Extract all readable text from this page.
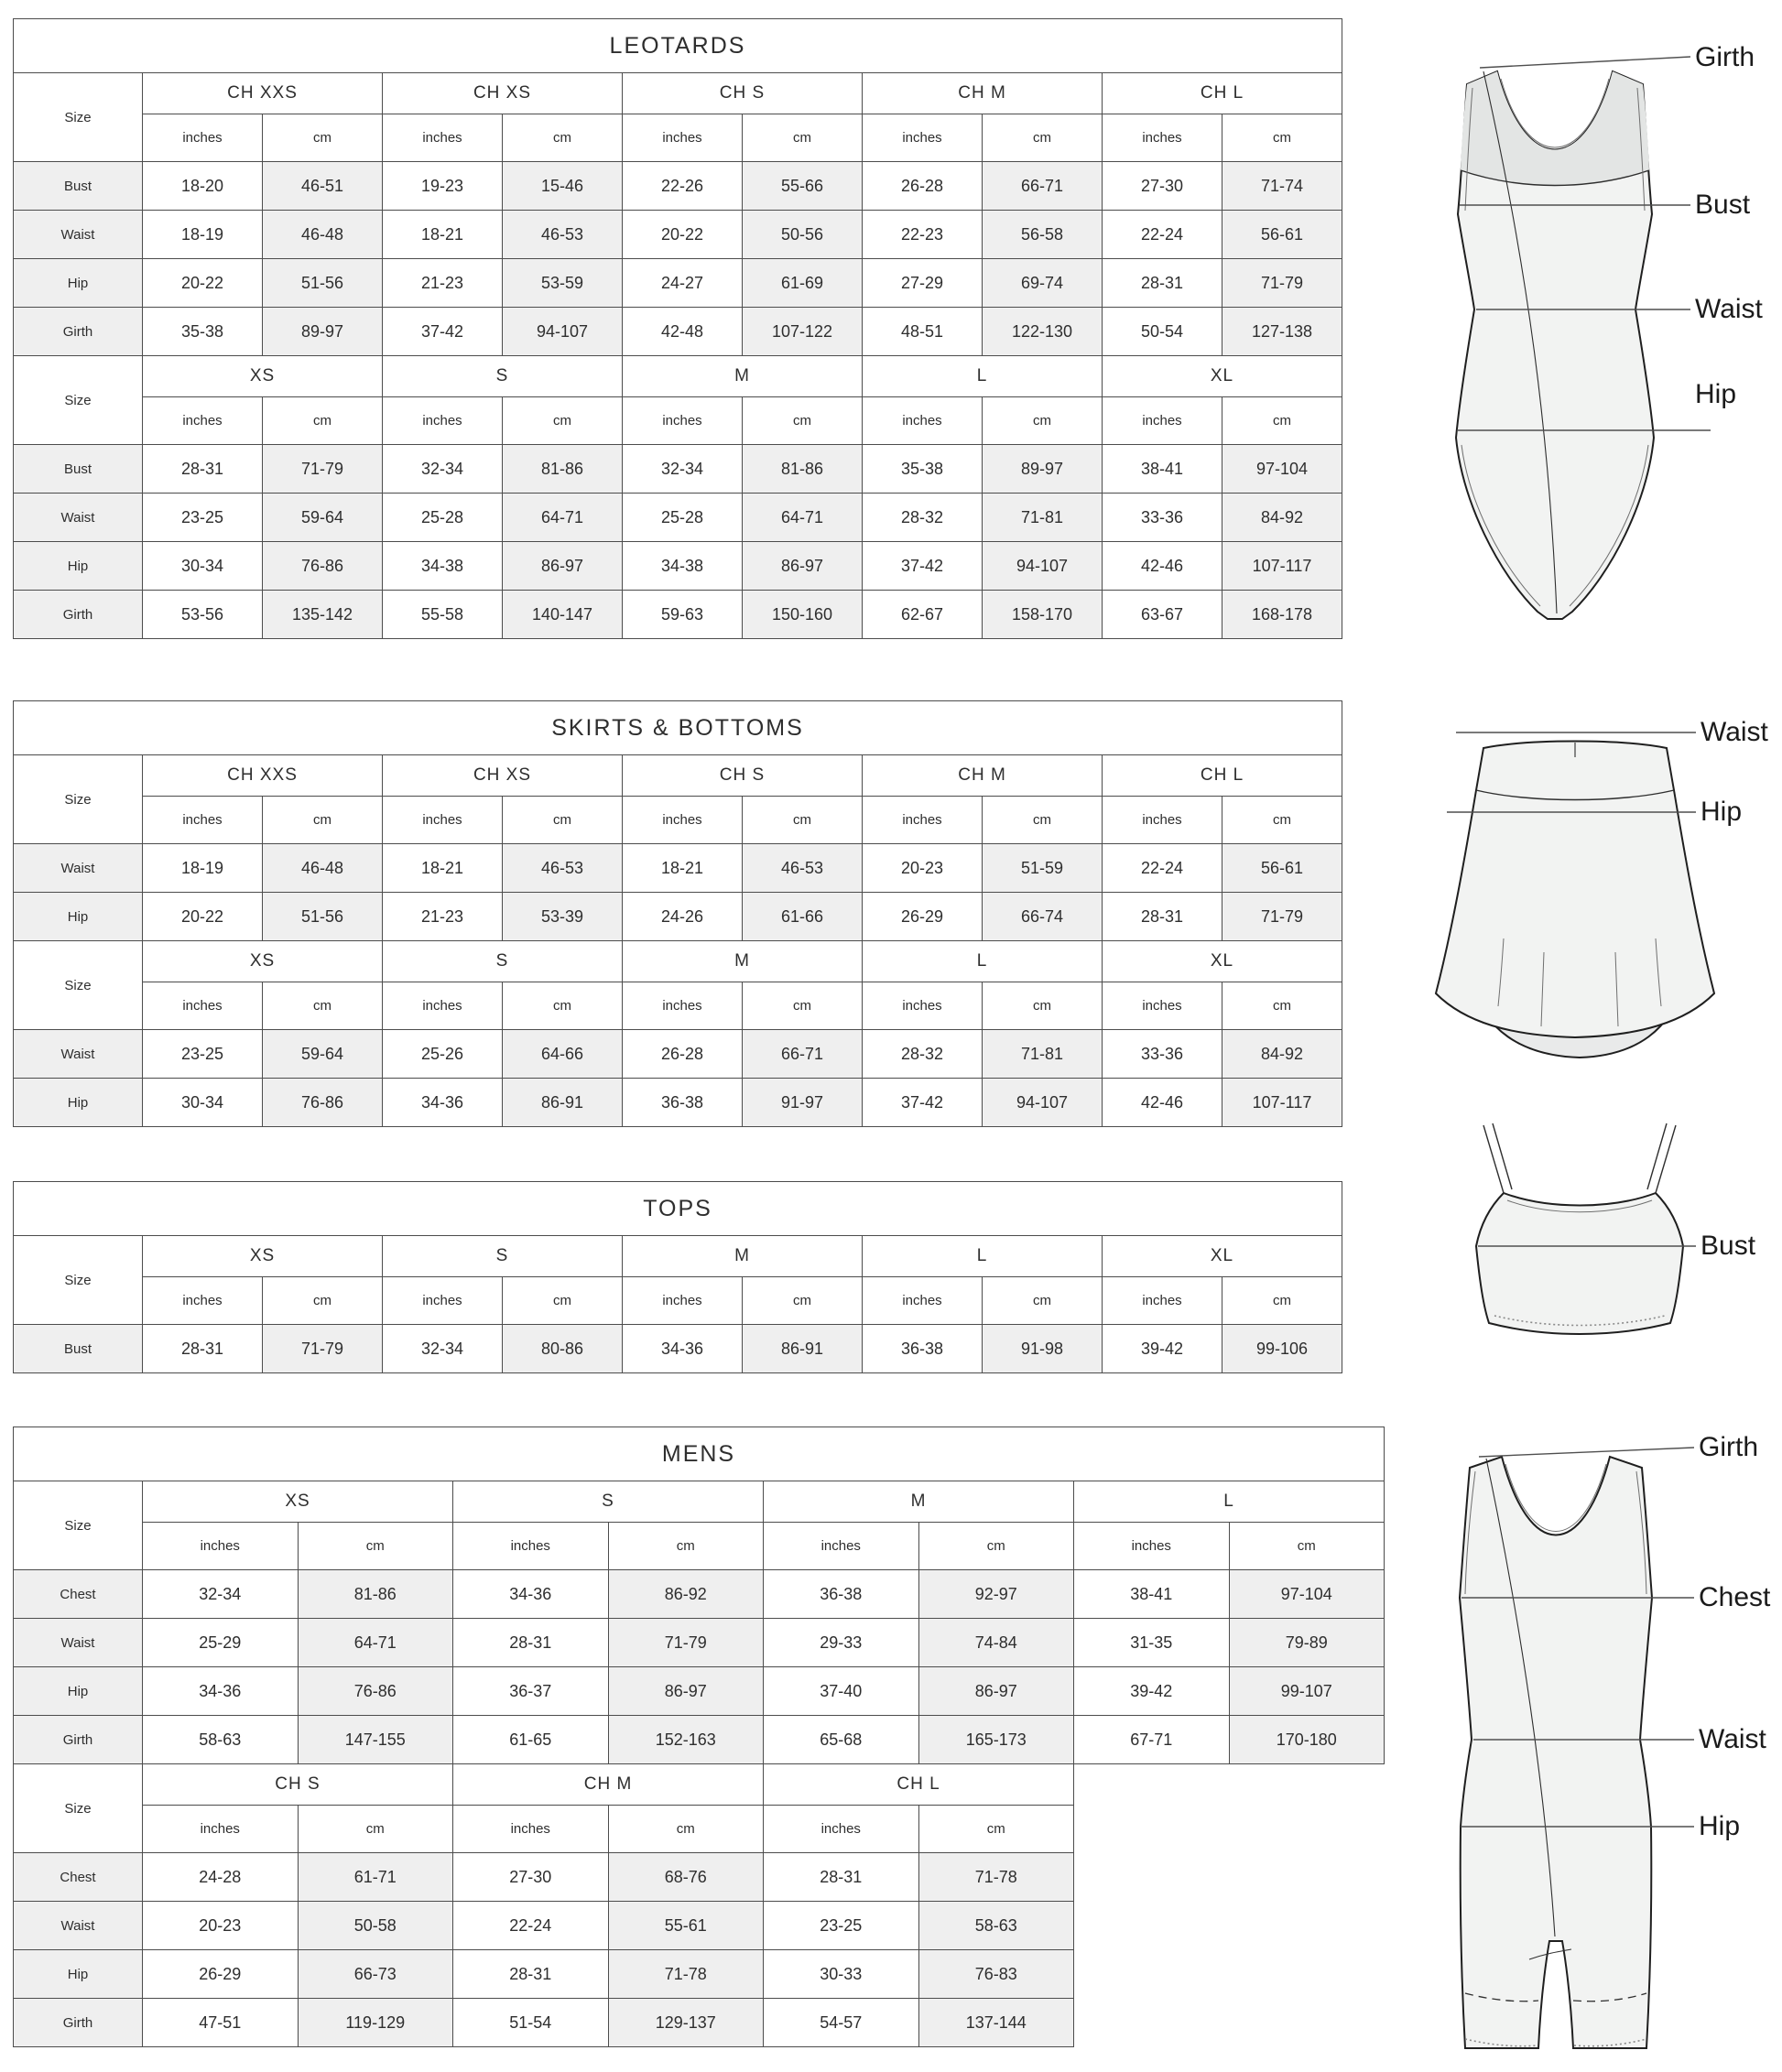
LEOTARDS										
Size	CH XXS		CH XS		CH S		CH M		CH L	
	inches	cm	inches	cm	inches	cm	inches	cm	inches	cm
Bust	18-20	46-51	19-23	15-46	22-26	55-66	26-28	66-71	27-30	71-74
Waist	18-19	46-48	18-21	46-53	20-22	50-56	22-23	56-58	22-24	56-61
Hip	20-22	51-56	21-23	53-59	24-27	61-69	27-29	69-74	28-31	71-79
Girth	35-38	89-97	37-42	94-107	42-48	107-122	48-51	122-130	50-54	127-138
Size	XS		S		M		L		XL	
	inches	cm	inches	cm	inches	cm	inches	cm	inches	cm
Bust	28-31	71-79	32-34	81-86	32-34	81-86	35-38	89-97	38-41	97-104
Waist	23-25	59-64	25-28	64-71	25-28	64-71	28-32	71-81	33-36	84-92
Hip	30-34	76-86	34-38	86-97	34-38	86-97	37-42	94-107	42-46	107-117
Girth	53-56	135-142	55-58	140-147	59-63	150-160	62-67	158-170	63-67	168-178
SKIRTS & BOTTOMS										
Size	CH XXS		CH XS		CH S		CH M		CH L	
	inches	cm	inches	cm	inches	cm	inches	cm	inches	cm
Waist	18-19	46-48	18-21	46-53	18-21	46-53	20-23	51-59	22-24	56-61
Hip	20-22	51-56	21-23	53-39	24-26	61-66	26-29	66-74	28-31	71-79
Size	XS		S		M		L		XL	
	inches	cm	inches	cm	inches	cm	inches	cm	inches	cm
Waist	23-25	59-64	25-26	64-66	26-28	66-71	28-32	71-81	33-36	84-92
Hip	30-34	76-86	34-36	86-91	36-38	91-97	37-42	94-107	42-46	107-117
TOPS										
Size	XS		S		M		L		XL	
	inches	cm	inches	cm	inches	cm	inches	cm	inches	cm
Bust	28-31	71-79	32-34	80-86	34-36	86-91	36-38	91-98	39-42	99-106
MENS								
Size	XS		S		M		L	
	inches	cm	inches	cm	inches	cm	inches	cm
Chest	32-34	81-86	34-36	86-92	36-38	92-97	38-41	97-104
Waist	25-29	64-71	28-31	71-79	29-33	74-84	31-35	79-89
Hip	34-36	76-86	36-37	86-97	37-40	86-97	39-42	99-107
Girth	58-63	147-155	61-65	152-163	65-68	165-173	67-71	170-180
Size	CH S		CH M		CH L	
	inches	cm	inches	cm	inches	cm
Chest	24-28	61-71	27-30	68-76	28-31	71-78
Waist	20-23	50-58	22-24	55-61	23-25	58-63
Hip	26-29	66-73	28-31	71-78	30-33	76-83
Girth	47-51	119-129	51-54	129-137	54-57	137-144
Girth
Bust
Waist
Hip
Waist
Hip
Bust
Girth
Chest
Waist
Hip
